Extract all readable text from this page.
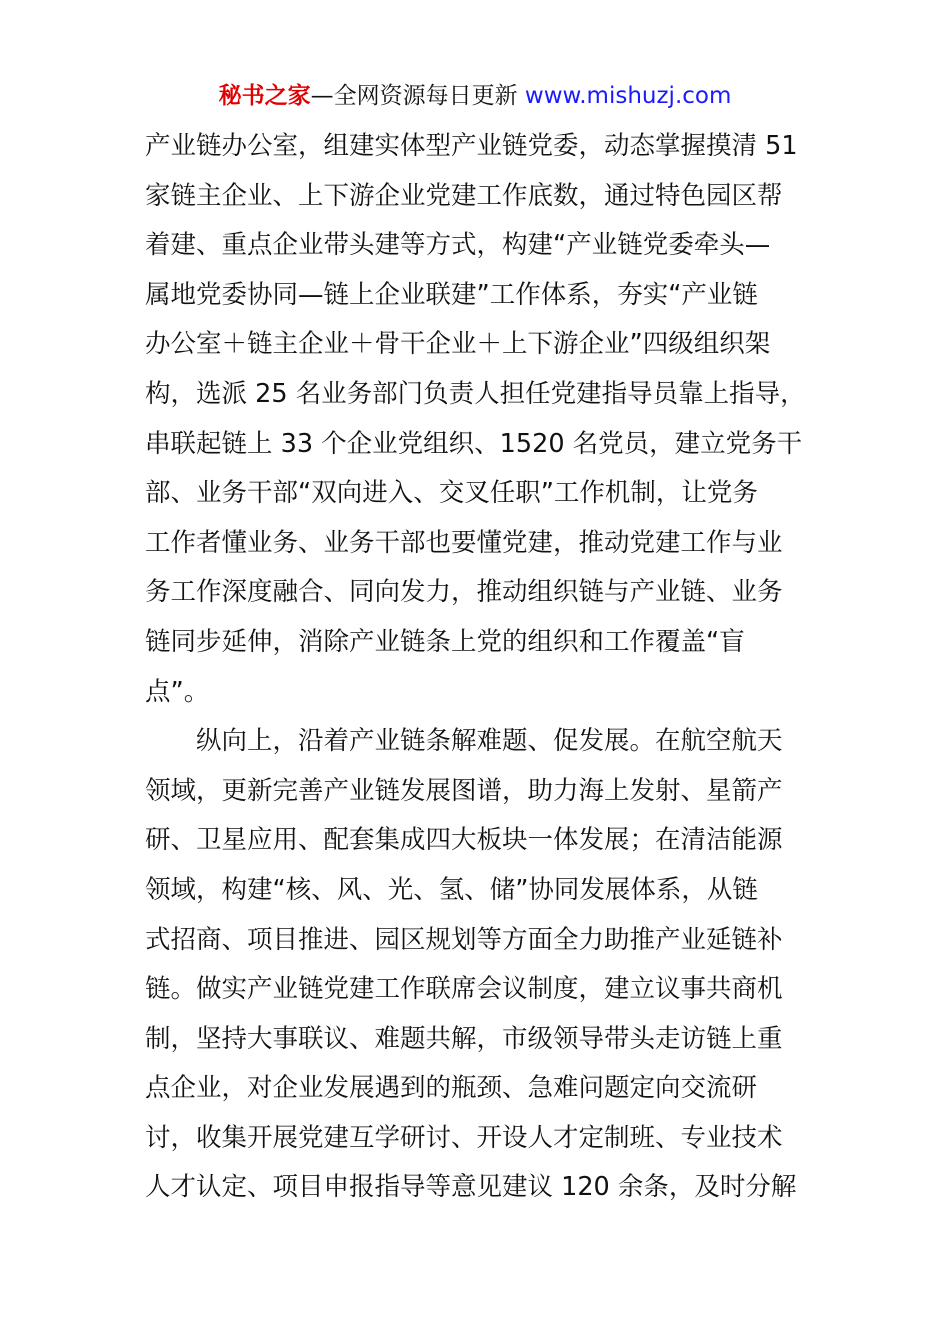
秘书之家—全网资源每日更新 www.mishuzj.com
产业链办公室，组建实体型产业链党委，动态掌握摸清 51
家链主企业、上下游企业党建工作底数，通过特色园区帮
着建、重点企业带头建等方式，构建“产业链党委牵头—
属地党委协同—链上企业联建”工作体系，夯实“产业链
办公室＋链主企业＋骨干企业＋上下游企业”四级组织架
构，选派 25 名业务部门负责人担任党建指导员靠上指导，
串联起链上 33 个企业党组织、1520 名党员，建立党务干
部、业务干部“双向进入、交叉任职”工作机制，让党务
工作者懂业务、业务干部也要懂党建，推动党建工作与业
务工作深度融合、同向发力，推动组织链与产业链、业务
链同步延伸，消除产业链条上党的组织和工作覆盖“盲
点”。
纵向上，沿着产业链条解难题、促发展。在航空航天
领域，更新完善产业链发展图谱，助力海上发射、星箭产
研、卫星应用、配套集成四大板块一体发展；在清洁能源
领域，构建“核、风、光、氢、储”协同发展体系，从链
式招商、项目推进、园区规划等方面全力助推产业延链补
链。做实产业链党建工作联席会议制度，建立议事共商机
制，坚持大事联议、难题共解，市级领导带头走访链上重
点企业，对企业发展遇到的瓶颈、急难问题定向交流研
讨，收集开展党建互学研讨、开设人才定制班、专业技术
人才认定、项目申报指导等意见建议 120 余条，及时分解
